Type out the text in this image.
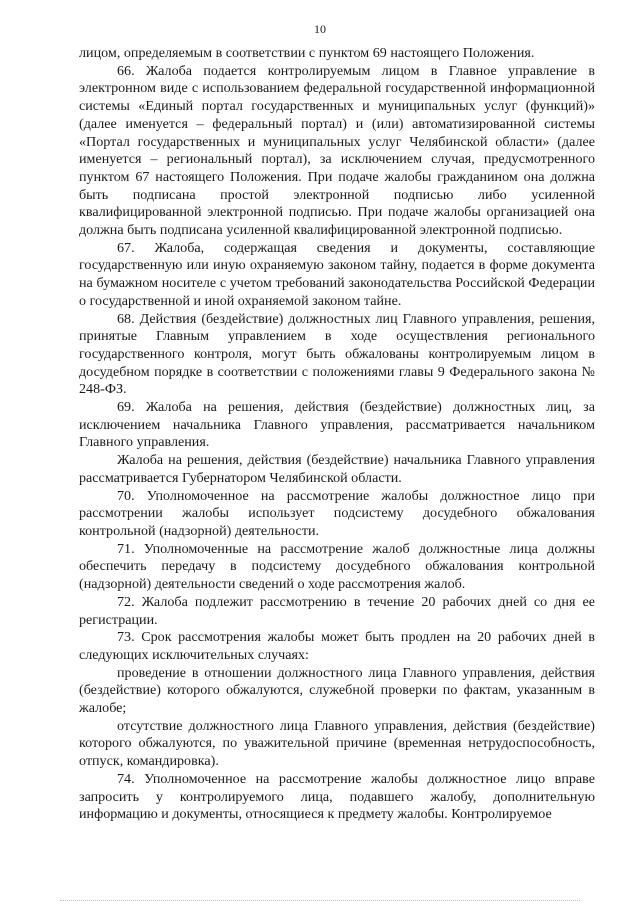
10

лицом, определяемым в соответствии с пунктом 69 настоящего Положения.

66. Жалоба подается контролируемым лицом в Главное управление в электронном виде с использованием федеральной государственной информационной системы «Единый портал государственных и муниципальных услуг (функций)» (далее именуется – федеральный портал) и (или) автоматизированной системы «Портал государственных и муниципальных услуг Челябинской области» (далее именуется – региональный портал), за исключением случая, предусмотренного пунктом 67 настоящего Положения. При подаче жалобы гражданином она должна быть подписана простой электронной подписью либо усиленной квалифицированной электронной подписью. При подаче жалобы организацией она должна быть подписана усиленной квалифицированной электронной подписью.

67. Жалоба, содержащая сведения и документы, составляющие государственную или иную охраняемую законом тайну, подается в форме документа на бумажном носителе с учетом требований законодательства Российской Федерации о государственной и иной охраняемой законом тайне.

68. Действия (бездействие) должностных лиц Главного управления, решения, принятые Главным управлением в ходе осуществления регионального государственного контроля, могут быть обжалованы контролируемым лицом в досудебном порядке в соответствии с положениями главы 9 Федерального закона № 248-ФЗ.

69. Жалоба на решения, действия (бездействие) должностных лиц, за исключением начальника Главного управления, рассматривается начальником Главного управления.

Жалоба на решения, действия (бездействие) начальника Главного управления рассматривается Губернатором Челябинской области.

70. Уполномоченное на рассмотрение жалобы должностное лицо при рассмотрении жалобы использует подсистему досудебного обжалования контрольной (надзорной) деятельности.

71. Уполномоченные на рассмотрение жалоб должностные лица должны обеспечить передачу в подсистему досудебного обжалования контрольной (надзорной) деятельности сведений о ходе рассмотрения жалоб.

72. Жалоба подлежит рассмотрению в течение 20 рабочих дней со дня ее регистрации.

73. Срок рассмотрения жалобы может быть продлен на 20 рабочих дней в следующих исключительных случаях:

проведение в отношении должностного лица Главного управления, действия (бездействие) которого обжалуются, служебной проверки по фактам, указанным в жалобе;

отсутствие должностного лица Главного управления, действия (бездействие) которого обжалуются, по уважительной причине (временная нетрудоспособность, отпуск, командировка).

74. Уполномоченное на рассмотрение жалобы должностное лицо вправе запросить у контролируемого лица, подавшего жалобу, дополнительную информацию и документы, относящиеся к предмету жалобы. Контролируемое
